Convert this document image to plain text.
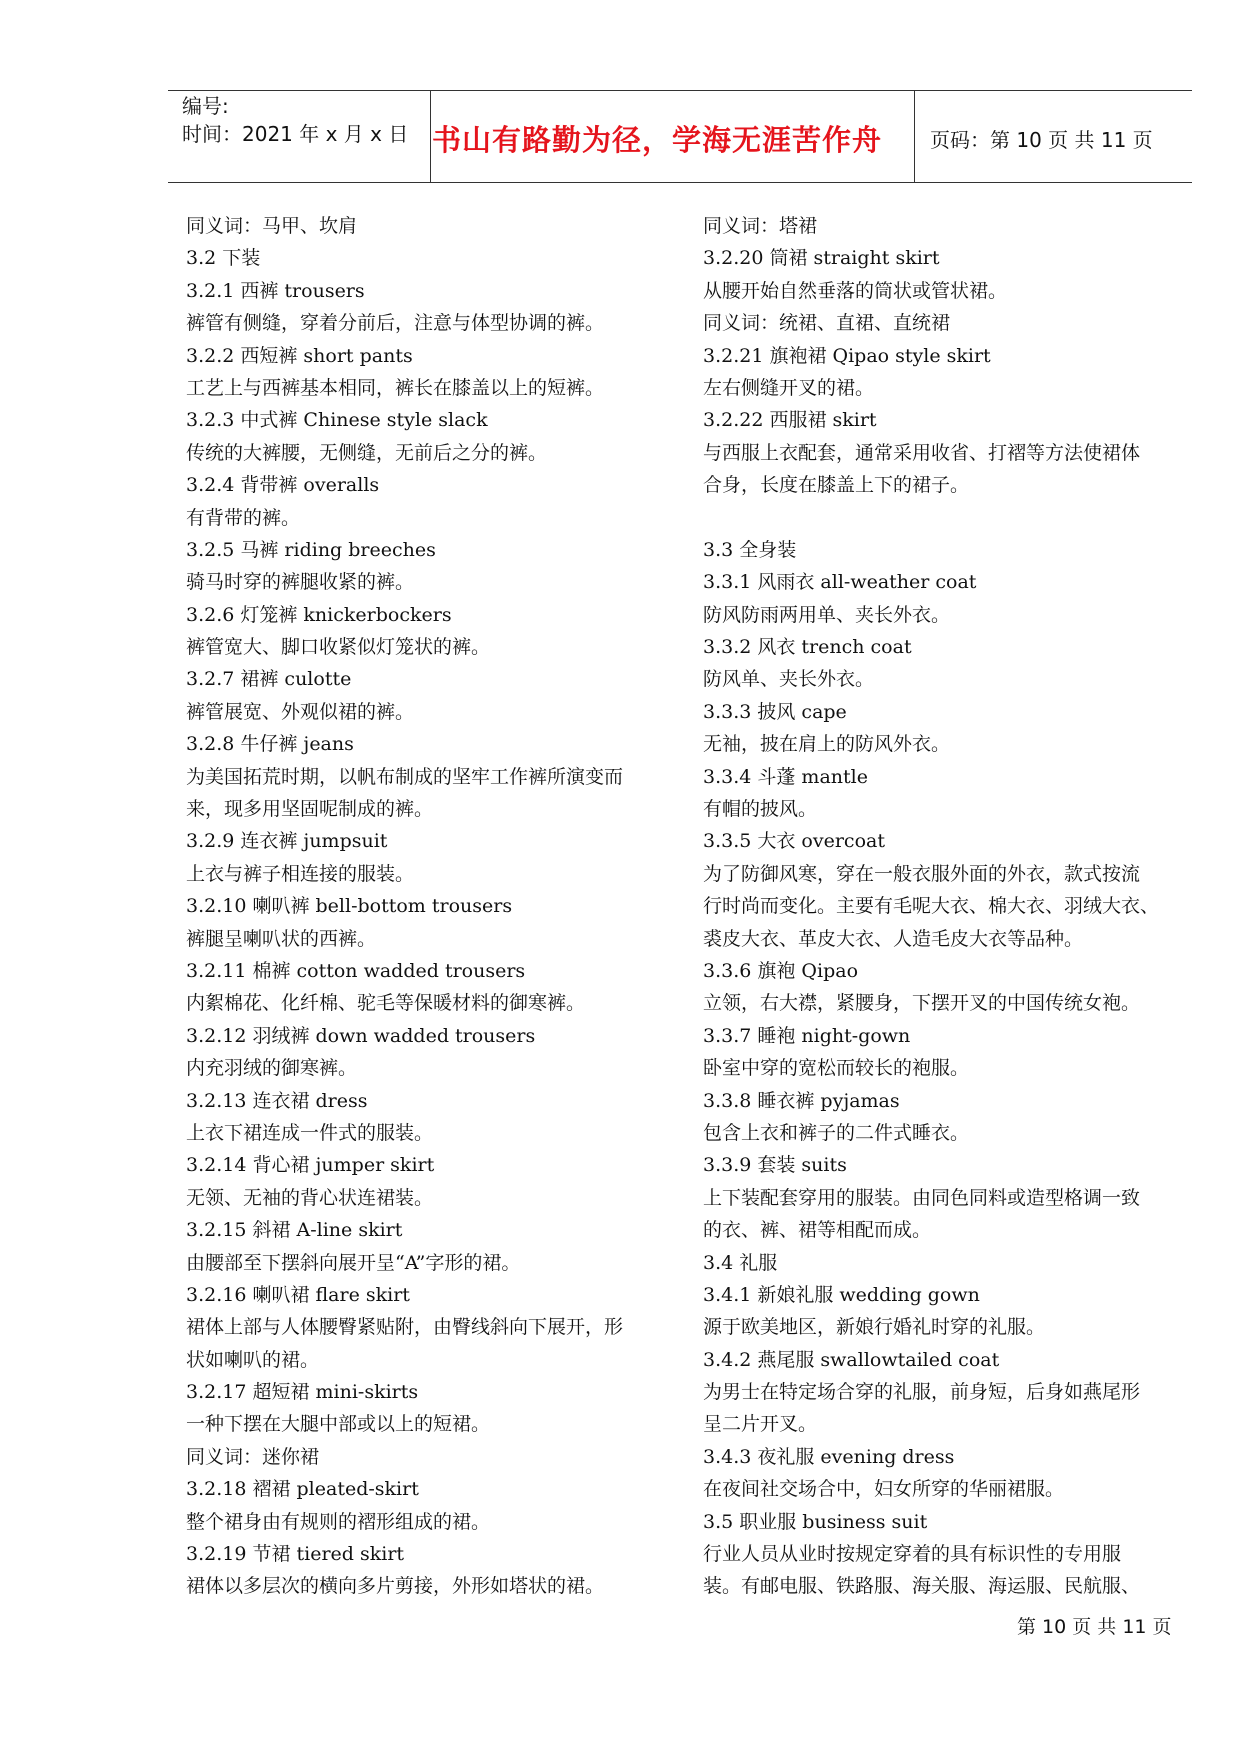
编号:
时间：2021 年 x 月 x 日 书山有路勤为径，学海无涯苦作舟	页码：第 10 页 共 11 页
同义词：马甲、坎肩
3.2 下装
3.2.1 西裤 trousers
裤管有侧缝，穿着分前后，注意与体型协调的裤。
3.2.2 西短裤 short pants
工艺上与西裤基本相同，裤长在膝盖以上的短裤。
3.2.3 中式裤 Chinese style slack
传统的大裤腰，无侧缝，无前后之分的裤。
3.2.4 背带裤 overalls
有背带的裤。
3.2.5 马裤 riding breeches
骑马时穿的裤腿收紧的裤。
3.2.6 灯笼裤 knickerbockers
裤管宽大、脚口收紧似灯笼状的裤。
3.2.7 裙裤 culotte
裤管展宽、外观似裙的裤。
3.2.8 牛仔裤 jeans
为美国拓荒时期，以帆布制成的坚牢工作裤所演变而
来，现多用坚固呢制成的裤。
3.2.9 连衣裤 jumpsuit
上衣与裤子相连接的服装。
3.2.10 喇叭裤 bell-bottom trousers
裤腿呈喇叭状的西裤。
3.2.11 棉裤 cotton wadded trousers
内絮棉花、化纤棉、驼毛等保暖材料的御寒裤。
3.2.12 羽绒裤 down wadded trousers
内充羽绒的御寒裤。
3.2.13 连衣裙 dress
上衣下裙连成一件式的服装。
3.2.14 背心裙 jumper skirt
无领、无袖的背心状连裙装。
3.2.15 斜裙 A-line skirt
由腰部至下摆斜向展开呈“A”字形的裙。
3.2.16 喇叭裙 flare skirt
裙体上部与人体腰臀紧贴附，由臀线斜向下展开，形
状如喇叭的裙。
3.2.17 超短裙 mini-skirts
一种下摆在大腿中部或以上的短裙。
同义词：迷你裙
3.2.18 褶裙 pleated-skirt
整个裙身由有规则的褶形组成的裙。
3.2.19 节裙 tiered skirt
裙体以多层次的横向多片剪接，外形如塔状的裙。
同义词：塔裙
3.2.20 筒裙 straight skirt
从腰开始自然垂落的筒状或管状裙。
同义词：统裙、直裙、直统裙
3.2.21 旗袍裙 Qipao style skirt
左右侧缝开叉的裙。
3.2.22 西服裙 skirt
与西服上衣配套，通常采用收省、打褶等方法使裙体
合身，长度在膝盖上下的裙子。
3.3 全身装
3.3.1 风雨衣 all-weather coat
防风防雨两用单、夹长外衣。
3.3.2 风衣 trench coat
防风单、夹长外衣。
3.3.3 披风 cape
无袖，披在肩上的防风外衣。
3.3.4 斗蓬 mantle
有帽的披风。
3.3.5 大衣 overcoat
为了防御风寒，穿在一般衣服外面的外衣，款式按流
行时尚而变化。主要有毛呢大衣、棉大衣、羽绒大衣、
裘皮大衣、革皮大衣、人造毛皮大衣等品种。
3.3.6 旗袍 Qipao
立领，右大襟，紧腰身，下摆开叉的中国传统女袍。
3.3.7 睡袍 night-gown
卧室中穿的宽松而较长的袍服。
3.3.8 睡衣裤 pyjamas
包含上衣和裤子的二件式睡衣。
3.3.9 套装 suits
上下装配套穿用的服装。由同色同料或造型格调一致
的衣、裤、裙等相配而成。
3.4 礼服
3.4.1 新娘礼服 wedding gown
源于欧美地区，新娘行婚礼时穿的礼服。
3.4.2 燕尾服 swallowtailed coat
为男士在特定场合穿的礼服，前身短，后身如燕尾形
呈二片开叉。
3.4.3 夜礼服 evening dress
在夜间社交场合中，妇女所穿的华丽裙服。
3.5 职业服 business suit
行业人员从业时按规定穿着的具有标识性的专用服
装。有邮电服、铁路服、海关服、海运服、民航服、
第 10 页 共 11 页
